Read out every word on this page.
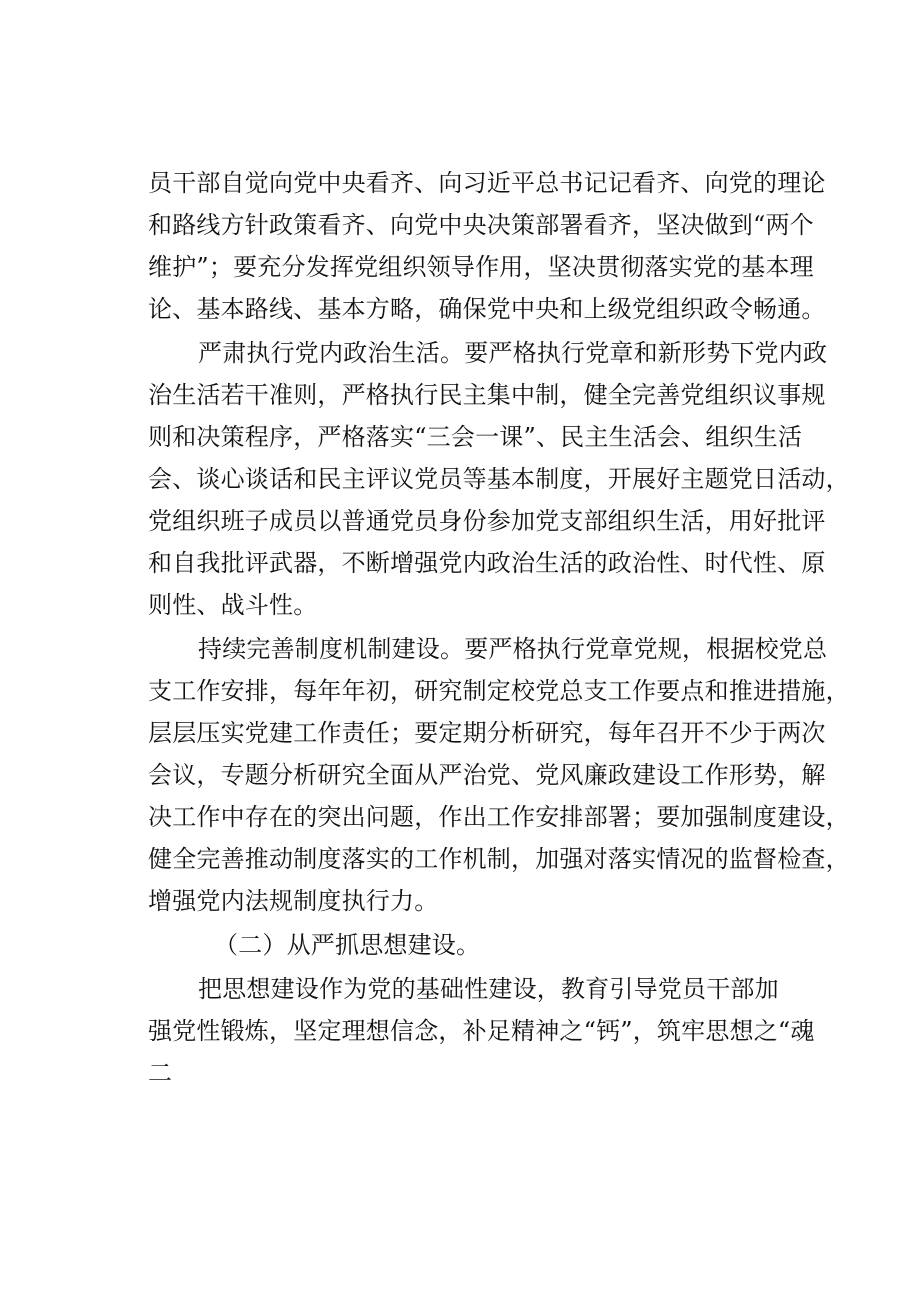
员干部自觉向党中央看齐、向习近平总书记记看齐、向党的理论
和路线方针政策看齐、向党中央决策部署看齐，坚决做到“两个
维护”；要充分发挥党组织领导作用，坚决贯彻落实党的基本理
论、基本路线、基本方略，确保党中央和上级党组织政令畅通。
严肃执行党内政治生活。要严格执行党章和新形势下党内政
治生活若干准则，严格执行民主集中制，健全完善党组织议事规
则和决策程序，严格落实“三会一课”、民主生活会、组织生活
会、谈心谈话和民主评议党员等基本制度，开展好主题党日活动，
党组织班子成员以普通党员身份参加党支部组织生活，用好批评
和自我批评武器，不断增强党内政治生活的政治性、时代性、原
则性、战斗性。
持续完善制度机制建设。要严格执行党章党规，根据校党总
支工作安排，每年年初，研究制定校党总支工作要点和推进措施，
层层压实党建工作责任；要定期分析研究，每年召开不少于两次
会议，专题分析研究全面从严治党、党风廉政建设工作形势，解
决工作中存在的突出问题，作出工作安排部署；要加强制度建设，
健全完善推动制度落实的工作机制，加强对落实情况的监督检查，
增强党内法规制度执行力。
（二）从严抓思想建设。
把思想建设作为党的基础性建设，教育引导党员干部加
强党性锻炼，坚定理想信念，补足精神之“钙”，筑牢思想之“魂
二
